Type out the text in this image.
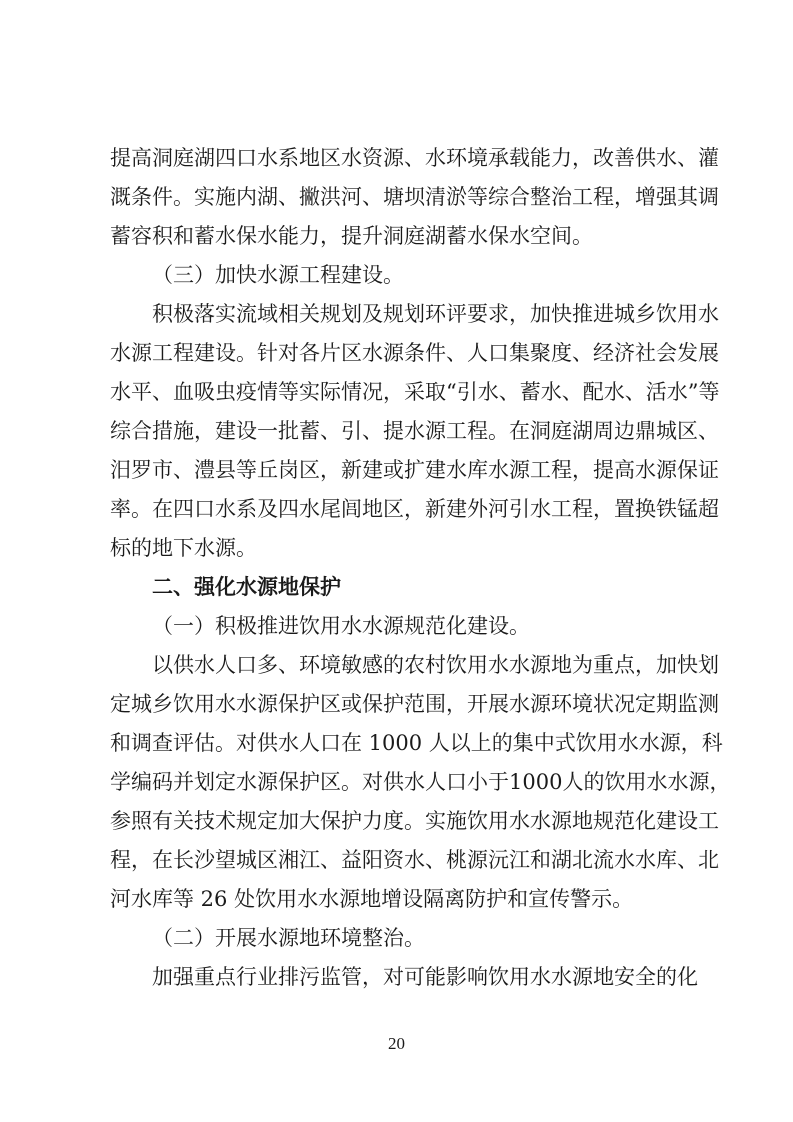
提高洞庭湖四口水系地区水资源、水环境承载能力，改善供水、灌
溉条件。实施内湖、撇洪河、塘坝清淤等综合整治工程，增强其调
蓄容积和蓄水保水能力，提升洞庭湖蓄水保水空间。
（三）加快水源工程建设。
积极落实流域相关规划及规划环评要求，加快推进城乡饮用水
水源工程建设。针对各片区水源条件、人口集聚度、经济社会发展
水平、血吸虫疫情等实际情况，采取“引水、蓄水、配水、活水”等
综合措施，建设一批蓄、引、提水源工程。在洞庭湖周边鼎城区、
汨罗市、澧县等丘岗区，新建或扩建水库水源工程，提高水源保证
率。在四口水系及四水尾闾地区，新建外河引水工程，置换铁锰超
标的地下水源。
二、强化水源地保护
（一）积极推进饮用水水源规范化建设。
以供水人口多、环境敏感的农村饮用水水源地为重点，加快划
定城乡饮用水水源保护区或保护范围，开展水源环境状况定期监测
和调查评估。对供水人口在 1000 人以上的集中式饮用水水源，科
学编码并划定水源保护区。对供水人口小于1000人的饮用水水源，
参照有关技术规定加大保护力度。实施饮用水水源地规范化建设工
程，在长沙望城区湘江、益阳资水、桃源沅江和湖北流水水库、北
河水库等 26 处饮用水水源地增设隔离防护和宣传警示。
（二）开展水源地环境整治。
加强重点行业排污监管，对可能影响饮用水水源地安全的化
20
